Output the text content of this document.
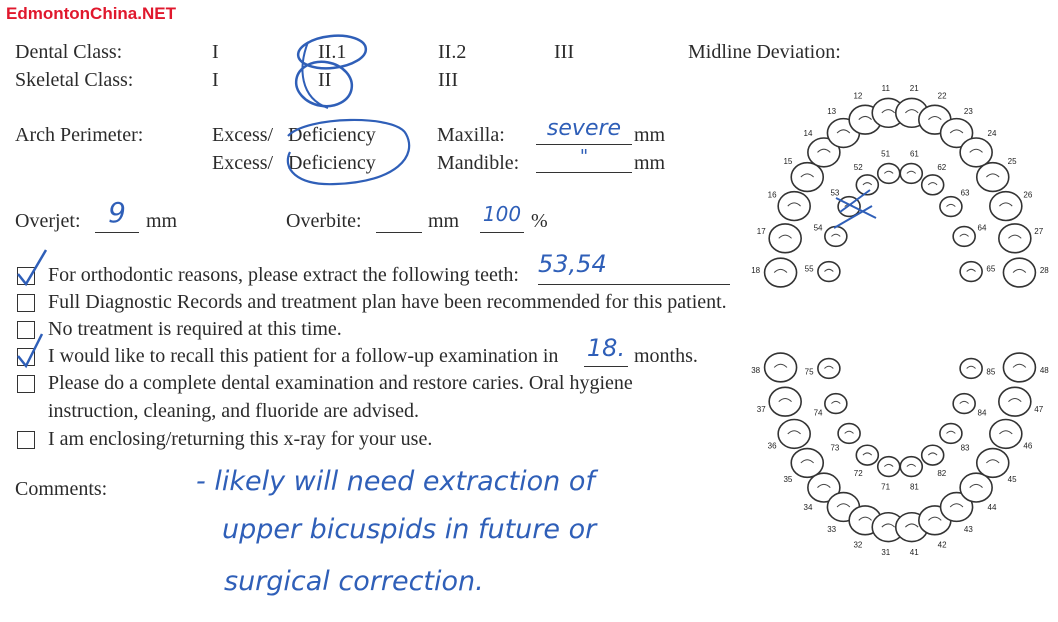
EdmontonChina.NET
Dental Class:	I	II.1	II.2	III	Midline Deviation:
Skeletal Class:	I	II	III
Arch Perimeter:	Excess/ Deficiency	Maxilla:	severe mm
Excess/ Deficiency	Mandible:	"	mm
Overjet: 9	mm	Overbite:	mm 100 %
For orthodontic reasons, please extract the following teeth: 53,54
Full Diagnostic Records and treatment plan have been recommended for this patient.
No treatment is required at this time.
I would like to recall this patient for a follow-up examination in 18. months.
Please do a complete dental examination and restore caries. Oral hygiene
instruction, cleaning, and fluoride are advised.
I am enclosing/returning this x-ray for your use.
Comments:	- likely will need extraction of
upper bicuspids in future or
surgical correction.
18
17
16
15
14
13
12
11 21
22
23
24
25
26
27
28
55
54
53
52
51 61
62
63
64
65
38
37
36
35
34
33
32
31 41
42
43
44
45
46
47
48
75
74
73
72
71 81
82
83
84
85
